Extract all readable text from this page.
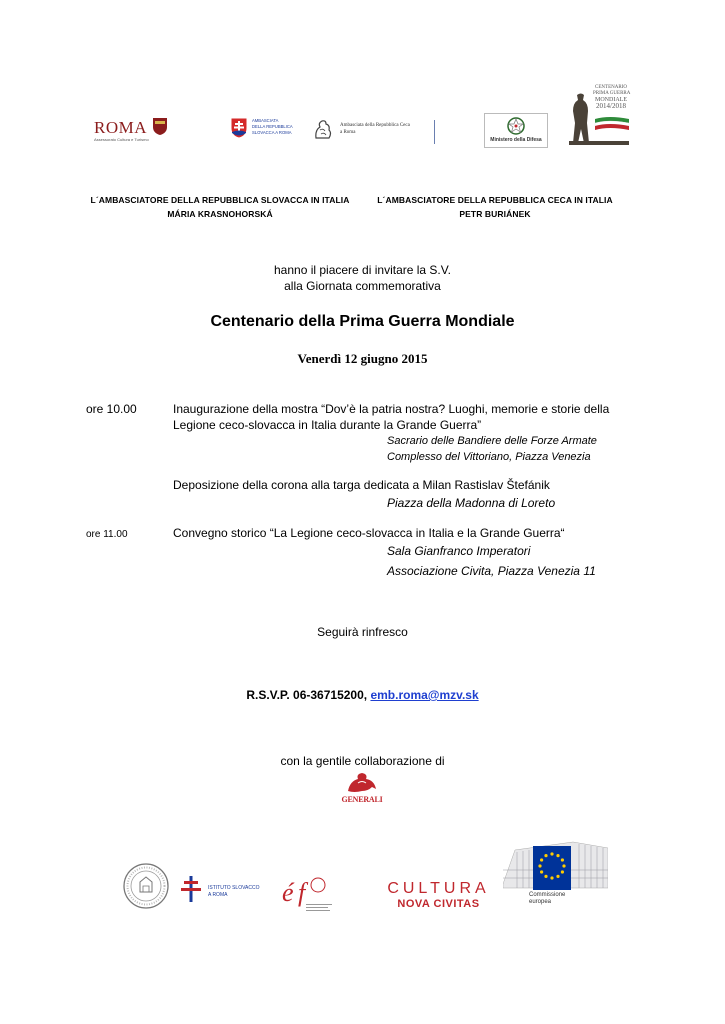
ROMA
Assessorato Cultura e Turismo
AMBASCIATA
DELLA REPUBBLICA
SLOVACCA A ROMA
Ambasciata della Repubblica Ceca
a Roma
Ministero della Difesa
CENTENARIO
PRIMA GUERRA
MONDIALE
2014/2018
L´AMBASCIATORE DELLA REPUBBLICA SLOVACCA IN ITALIA
MÁRIA KRASNOHORSKÁ
L´AMBASCIATORE DELLA REPUBBLICA CECA IN ITALIA
PETR BURIÁNEK
hanno il piacere di invitare la S.V.
alla Giornata commemorativa
Centenario della Prima Guerra Mondiale
Venerdì 12 giugno 2015
ore 10.00	Inaugurazione della mostra “Dov’è la patria nostra? Luoghi, memorie e storie della
Legione ceco-slovacca in Italia durante la Grande Guerra”
Sacrario delle Bandiere delle Forze Armate
Complesso del Vittoriano, Piazza Venezia
Deposizione della corona alla targa dedicata a Milan Rastislav Štefánik
Piazza della Madonna di Loreto
ore 11.00	Convegno storico “La Legione ceco-slovacca in Italia e la Grande Guerra“
Sala Gianfranco Imperatori
Associazione Civita, Piazza Venezia 11
Seguirà rinfresco
R.S.V.P. 06-36715200, emb.roma@mzv.sk
con la gentile collaborazione di
GENERALI
ISTITUTO SLOVACCO
A ROMA	é f	CULTURA
NOVA CIVITAS
Commissione
europea
